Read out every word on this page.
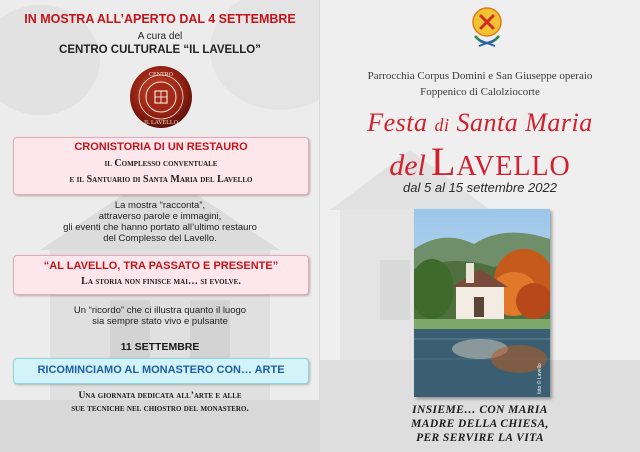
IN MOSTRA ALL’APERTO DAL 4 SETTEMBRE
A cura del
CENTRO CULTURALE “IL LAVELLO”
CENTRO
IL LAVELLO
CRONISTORIA DI UN RESTAURO
il Complesso conventuale
e il Santuario di Santa Maria del Lavello
La mostra “racconta”,
attraverso parole e immagini,
gli eventi che hanno portato all’ultimo restauro
del Complesso del Lavello.
“AL LAVELLO, TRA PASSATO E PRESENTE”
La storia non finisce mai… si evolve.
Un “ricordo” che ci illustra quanto il luogo
sia sempre stato vivo e pulsante
11 SETTEMBRE
RICOMINCIAMO AL MONASTERO CON… ARTE
Una giornata dedicata all’arte e alle
sue tecniche nel chiostro del monastero.
Parrocchia Corpus Domini e San Giuseppe operaio
Foppenico di Calolziocorte
Festa di Santa Maria
del Lavello
dal 5 al 15 settembre 2022
foto © Lavello
INSIEME… CON MARIA
MADRE DELLA CHIESA,
PER SERVIRE LA VITA
